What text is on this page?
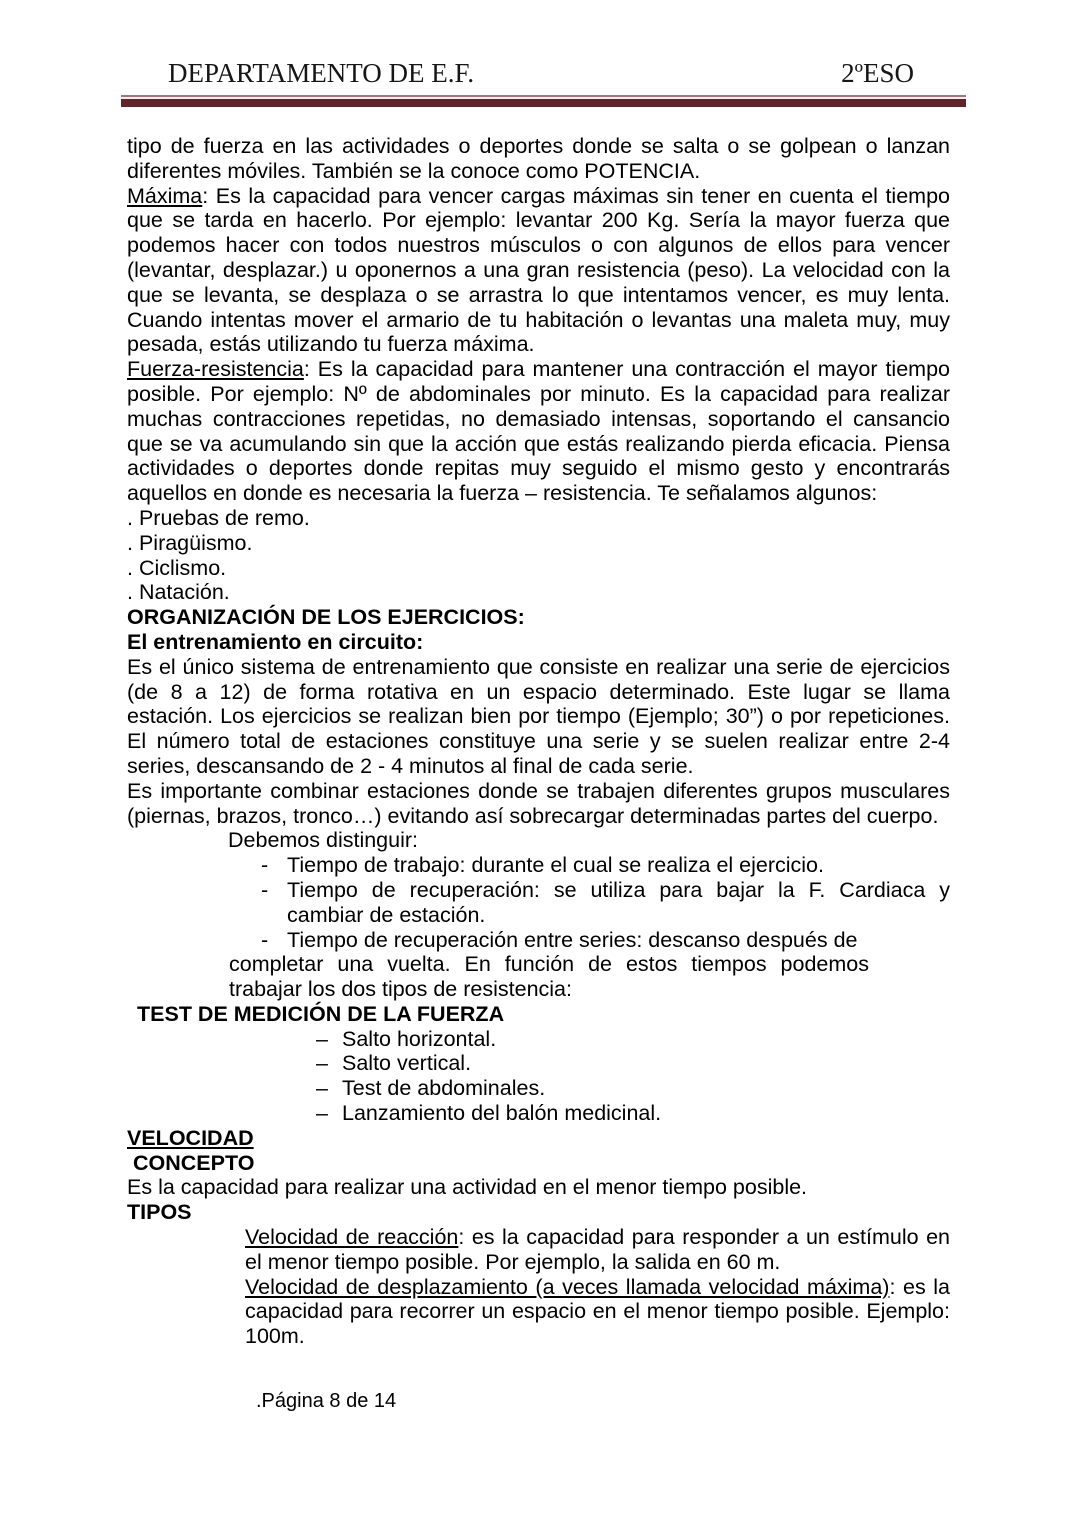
DEPARTAMENTO DE E.F.	2ºESO

tipo de fuerza en las actividades o deportes donde se salta o se golpean o lanzan diferentes móviles. También se la conoce como POTENCIA.

Máxima: Es la capacidad para vencer cargas máximas sin tener en cuenta el tiempo que se tarda en hacerlo. Por ejemplo: levantar 200 Kg. Sería la mayor fuerza que podemos hacer con todos nuestros músculos o con algunos de ellos para vencer (levantar, desplazar.) u oponernos a una gran resistencia (peso). La velocidad con la que se levanta, se desplaza o se arrastra lo que intentamos vencer, es muy lenta. Cuando intentas mover el armario de tu habitación o levantas una maleta muy, muy pesada, estás utilizando tu fuerza máxima.

Fuerza-resistencia: Es la capacidad para mantener una contracción el mayor tiempo posible. Por ejemplo: Nº de abdominales por minuto. Es la capacidad para realizar muchas contracciones repetidas, no demasiado intensas, soportando el cansancio que se va acumulando sin que la acción que estás realizando pierda eficacia. Piensa actividades o deportes donde repitas muy seguido el mismo gesto y encontrarás aquellos en donde es necesaria la fuerza – resistencia. Te señalamos algunos:

. Pruebas de remo.
. Piragüismo.
. Ciclismo.
. Natación.
ORGANIZACIÓN DE LOS EJERCICIOS:
El entrenamiento en circuito:

Es el único sistema de entrenamiento que consiste en realizar una serie de ejercicios (de 8 a 12) de forma rotativa en un espacio determinado. Este lugar se llama estación. Los ejercicios se realizan bien por tiempo (Ejemplo; 30”) o por repeticiones. El número total de estaciones constituye una serie y se suelen realizar entre 2-4 series, descansando de 2 - 4 minutos al final de cada serie.

Es importante combinar estaciones donde se trabajen diferentes grupos musculares (piernas, brazos, tronco…) evitando así sobrecargar determinadas partes del cuerpo.

Debemos distinguir:
- Tiempo de trabajo: durante el cual se realiza el ejercicio.
- Tiempo de recuperación: se utiliza para bajar la F. Cardiaca y cambiar de estación.
- Tiempo de recuperación entre series: descanso después de
completar una vuelta. En función de estos tiempos podemos
trabajar los dos tipos de resistencia:
TEST DE MEDICIÓN DE LA FUERZA
– Salto horizontal.
– Salto vertical.
– Test de abdominales.
– Lanzamiento del balón medicinal.
VELOCIDAD
CONCEPTO

Es la capacidad para realizar una actividad en el menor tiempo posible.

TIPOS
Velocidad de reacción: es la capacidad para responder a un estímulo en el menor tiempo posible. Por ejemplo, la salida en 60 m.
Velocidad de desplazamiento (a veces llamada velocidad máxima): es la capacidad para recorrer un espacio en el menor tiempo posible. Ejemplo: 100m.
.Página 8 de 14
